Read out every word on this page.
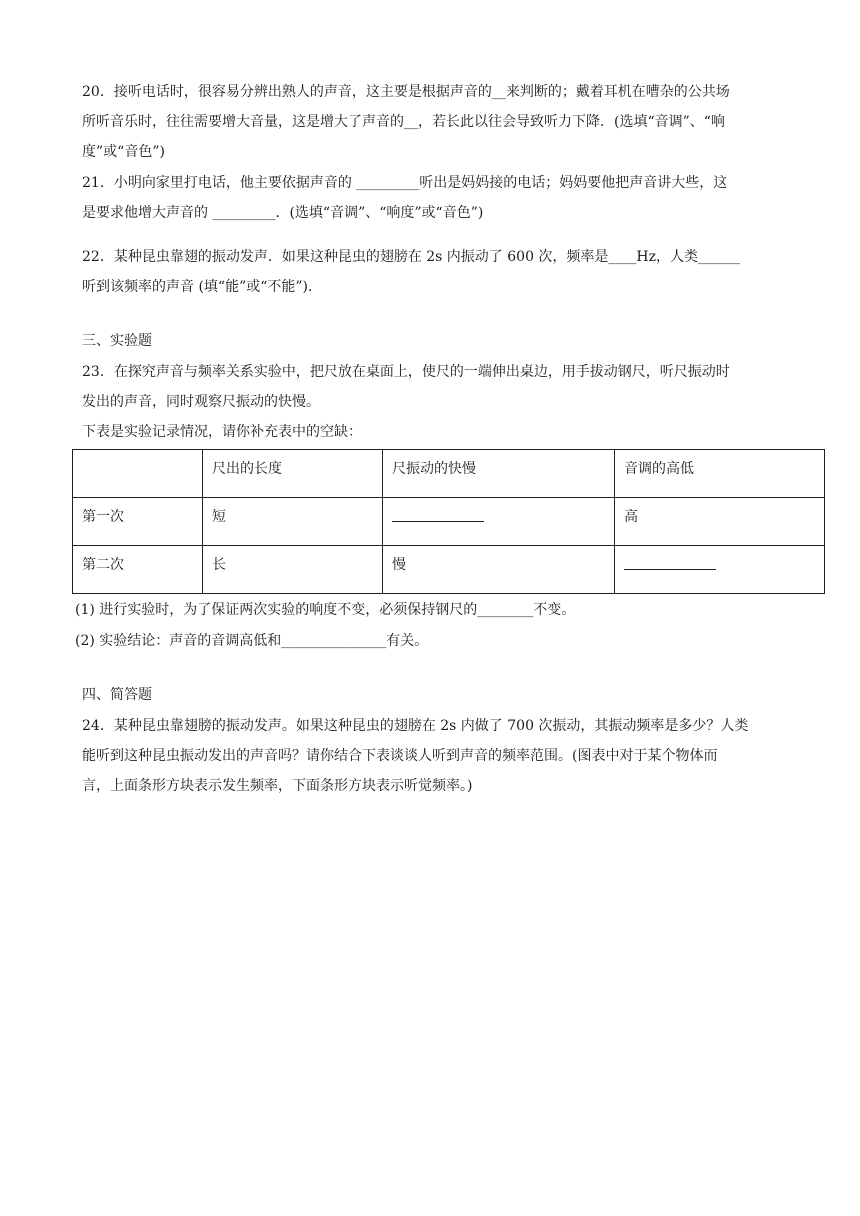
20．接听电话时，很容易分辨出熟人的声音，这主要是根据声音的__来判断的；戴着耳机在嘈杂的公共场
所听音乐时，往往需要增大音量，这是增大了声音的__，若长此以往会导致听力下降．(选填“音调”、“响
度”或“音色”)
21．小明向家里打电话，他主要依据声音的 _________听出是妈妈接的电话；妈妈要他把声音讲大些，这
是要求他增大声音的 _________．(选填“音调”、“响度”或“音色”)
22．某种昆虫靠翅的振动发声．如果这种昆虫的翅膀在 2s 内振动了 600 次，频率是____Hz，人类______
听到该频率的声音 (填“能”或“不能”)．
三、实验题
23．在探究声音与频率关系实验中，把尺放在桌面上，使尺的一端伸出桌边，用手拔动钢尺，听尺振动时
发出的声音，同时观察尺振动的快慢。
下表是实验记录情况，请你补充表中的空缺：
	尺出的长度	尺振动的快慢	音调的高低
第一次	短		高
第二次	长	慢	
(1) 进行实验时，为了保证两次实验的响度不变，必须保持钢尺的________不变。
(2) 实验结论：声音的音调高低和_______________有关。
四、简答题
24．某种昆虫靠翅膀的振动发声。如果这种昆虫的翅膀在 2s 内做了 700 次振动，其振动频率是多少？人类
能听到这种昆虫振动发出的声音吗？请你结合下表谈谈人听到声音的频率范围。(图表中对于某个物体而
言，上面条形方块表示发生频率，下面条形方块表示听觉频率。)
